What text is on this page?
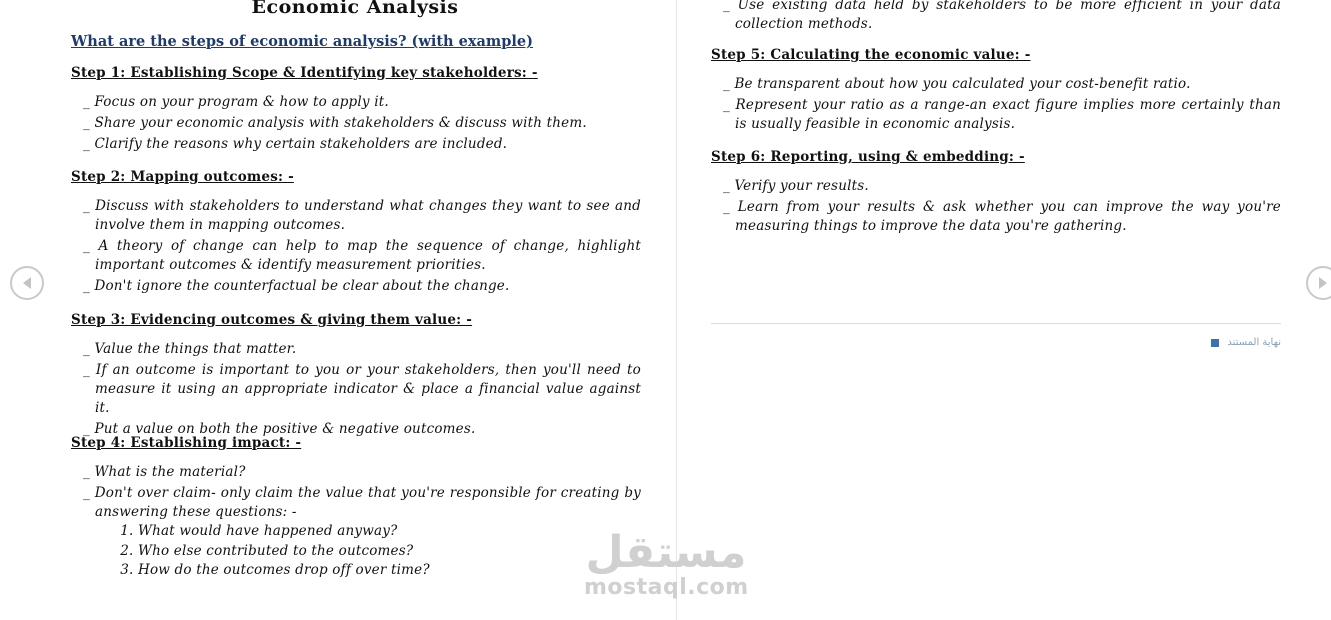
Economic Analysis
What are the steps of economic analysis? (with example)
Step 1: Establishing Scope & Identifying key stakeholders: -

_ Focus on your program & how to apply it.

_ Share your economic analysis with stakeholders & discuss with them.

_ Clarify the reasons why certain stakeholders are included.

Step 2: Mapping outcomes: -

_ Discuss with stakeholders to understand what changes they want to see and involve them in mapping outcomes.

_ A theory of change can help to map the sequence of change, highlight important outcomes & identify measurement priorities.

_ Don't ignore the counterfactual be clear about the change.

Step 3: Evidencing outcomes & giving them value: -

_ Value the things that matter.

_ If an outcome is important to you or your stakeholders, then you'll need to measure it using an appropriate indicator & place a financial value against it.

_ Put a value on both the positive & negative outcomes.

Step 4: Establishing impact: -

_ What is the material?

_ Don't over claim- only claim the value that you're responsible for creating by answering these questions: -

1. What would have happened anyway?
2. Who else contributed to the outcomes?
3. How do the outcomes drop off over time?

_ Use existing data held by stakeholders to be more efficient in your data collection methods.

Step 5: Calculating the economic value: -

_ Be transparent about how you calculated your cost-benefit ratio.

_ Represent your ratio as a range-an exact figure implies more certainly than is usually feasible in economic analysis.

Step 6: Reporting, using & embedding: -

_ Verify your results.

_ Learn from your results & ask whether you can improve the way you're measuring things to improve the data you're gathering.

نهاية المستند
مستقل
mostaql.com
